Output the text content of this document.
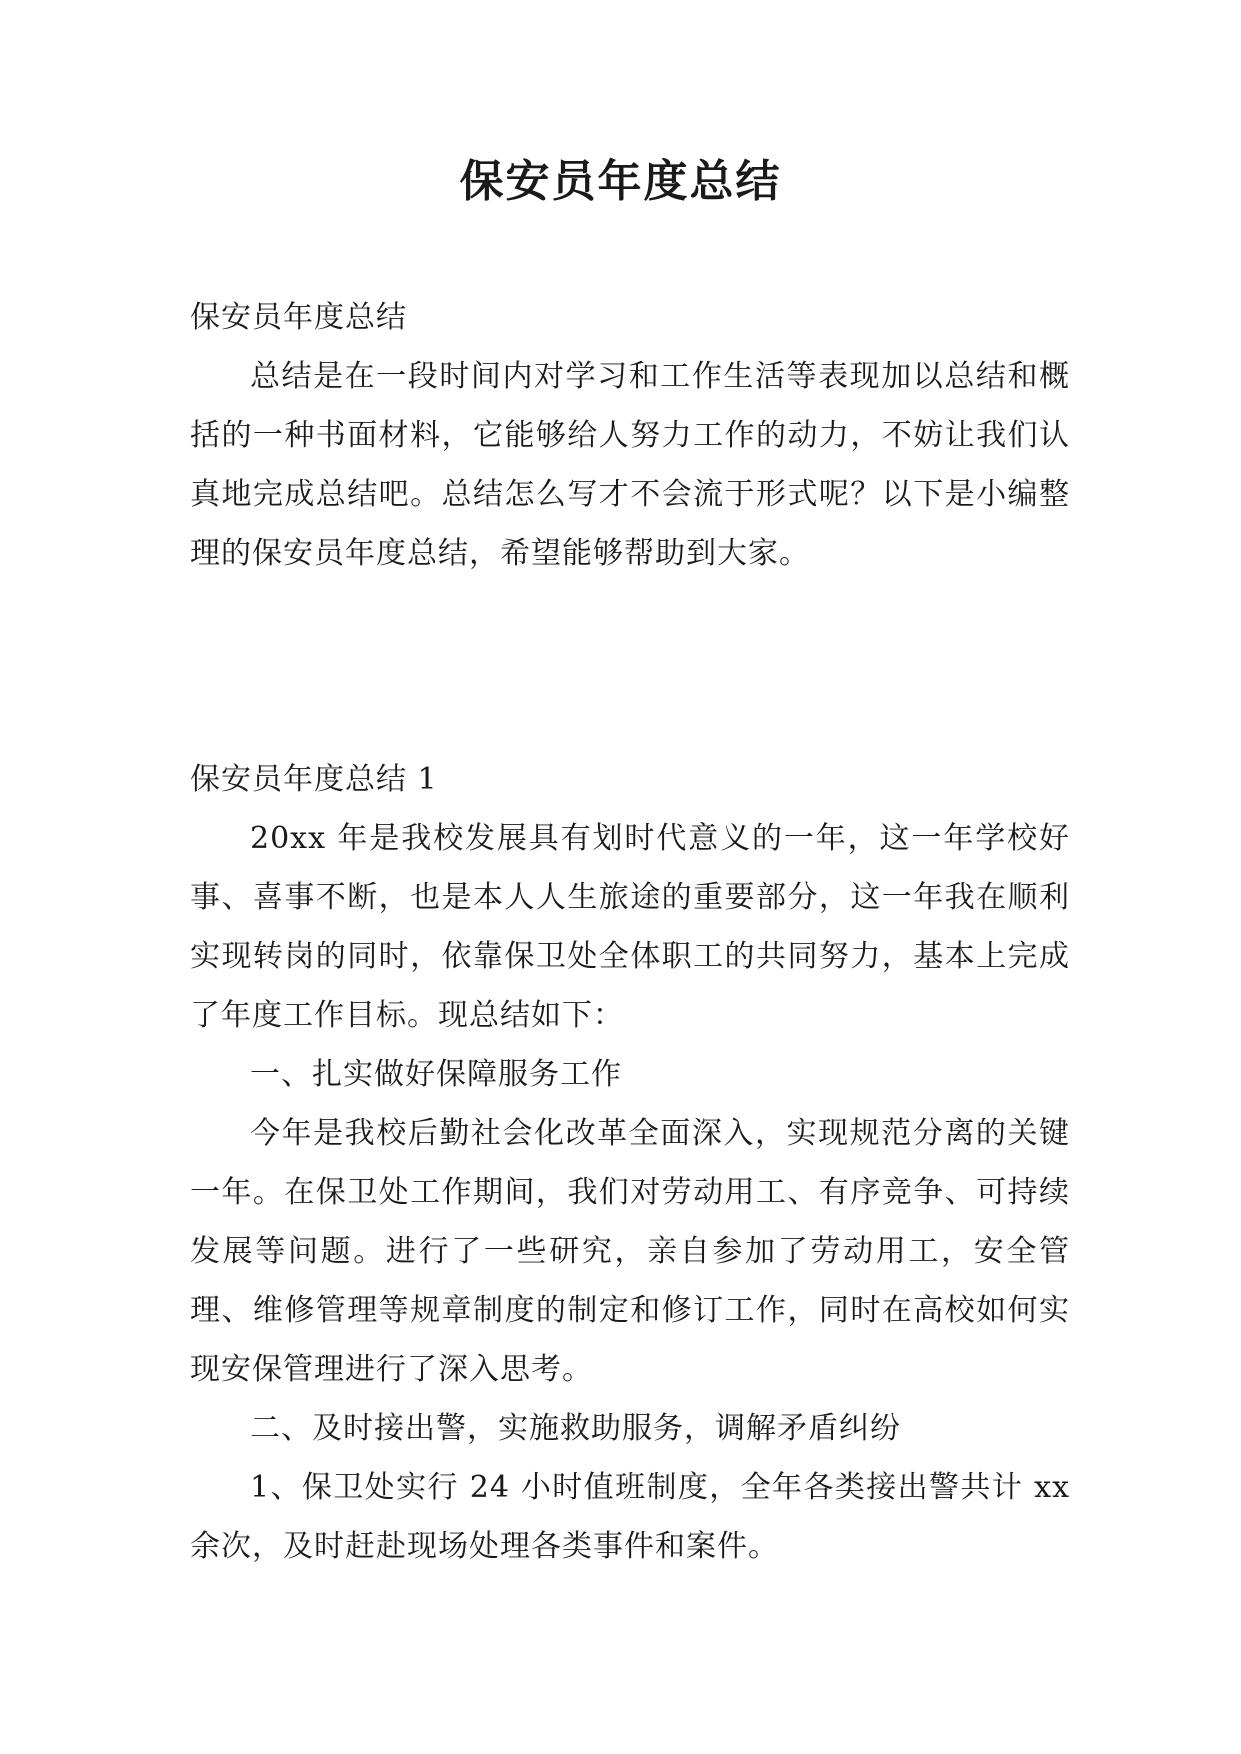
保安员年度总结

保安员年度总结

总结是在一段时间内对学习和工作生活等表现加以总结和概括的一种书面材料，它能够给人努力工作的动力，不妨让我们认真地完成总结吧。总结怎么写才不会流于形式呢？以下是小编整理的保安员年度总结，希望能够帮助到大家。

保安员年度总结 1

20xx 年是我校发展具有划时代意义的一年，这一年学校好事、喜事不断，也是本人人生旅途的重要部分，这一年我在顺利实现转岗的同时，依靠保卫处全体职工的共同努力，基本上完成了年度工作目标。现总结如下：

一、扎实做好保障服务工作

今年是我校后勤社会化改革全面深入，实现规范分离的关键一年。在保卫处工作期间，我们对劳动用工、有序竞争、可持续发展等问题。进行了一些研究，亲自参加了劳动用工，安全管理、维修管理等规章制度的制定和修订工作，同时在高校如何实现安保管理进行了深入思考。

二、及时接出警，实施救助服务，调解矛盾纠纷

1、保卫处实行 24 小时值班制度，全年各类接出警共计 xx 余次，及时赶赴现场处理各类事件和案件。
